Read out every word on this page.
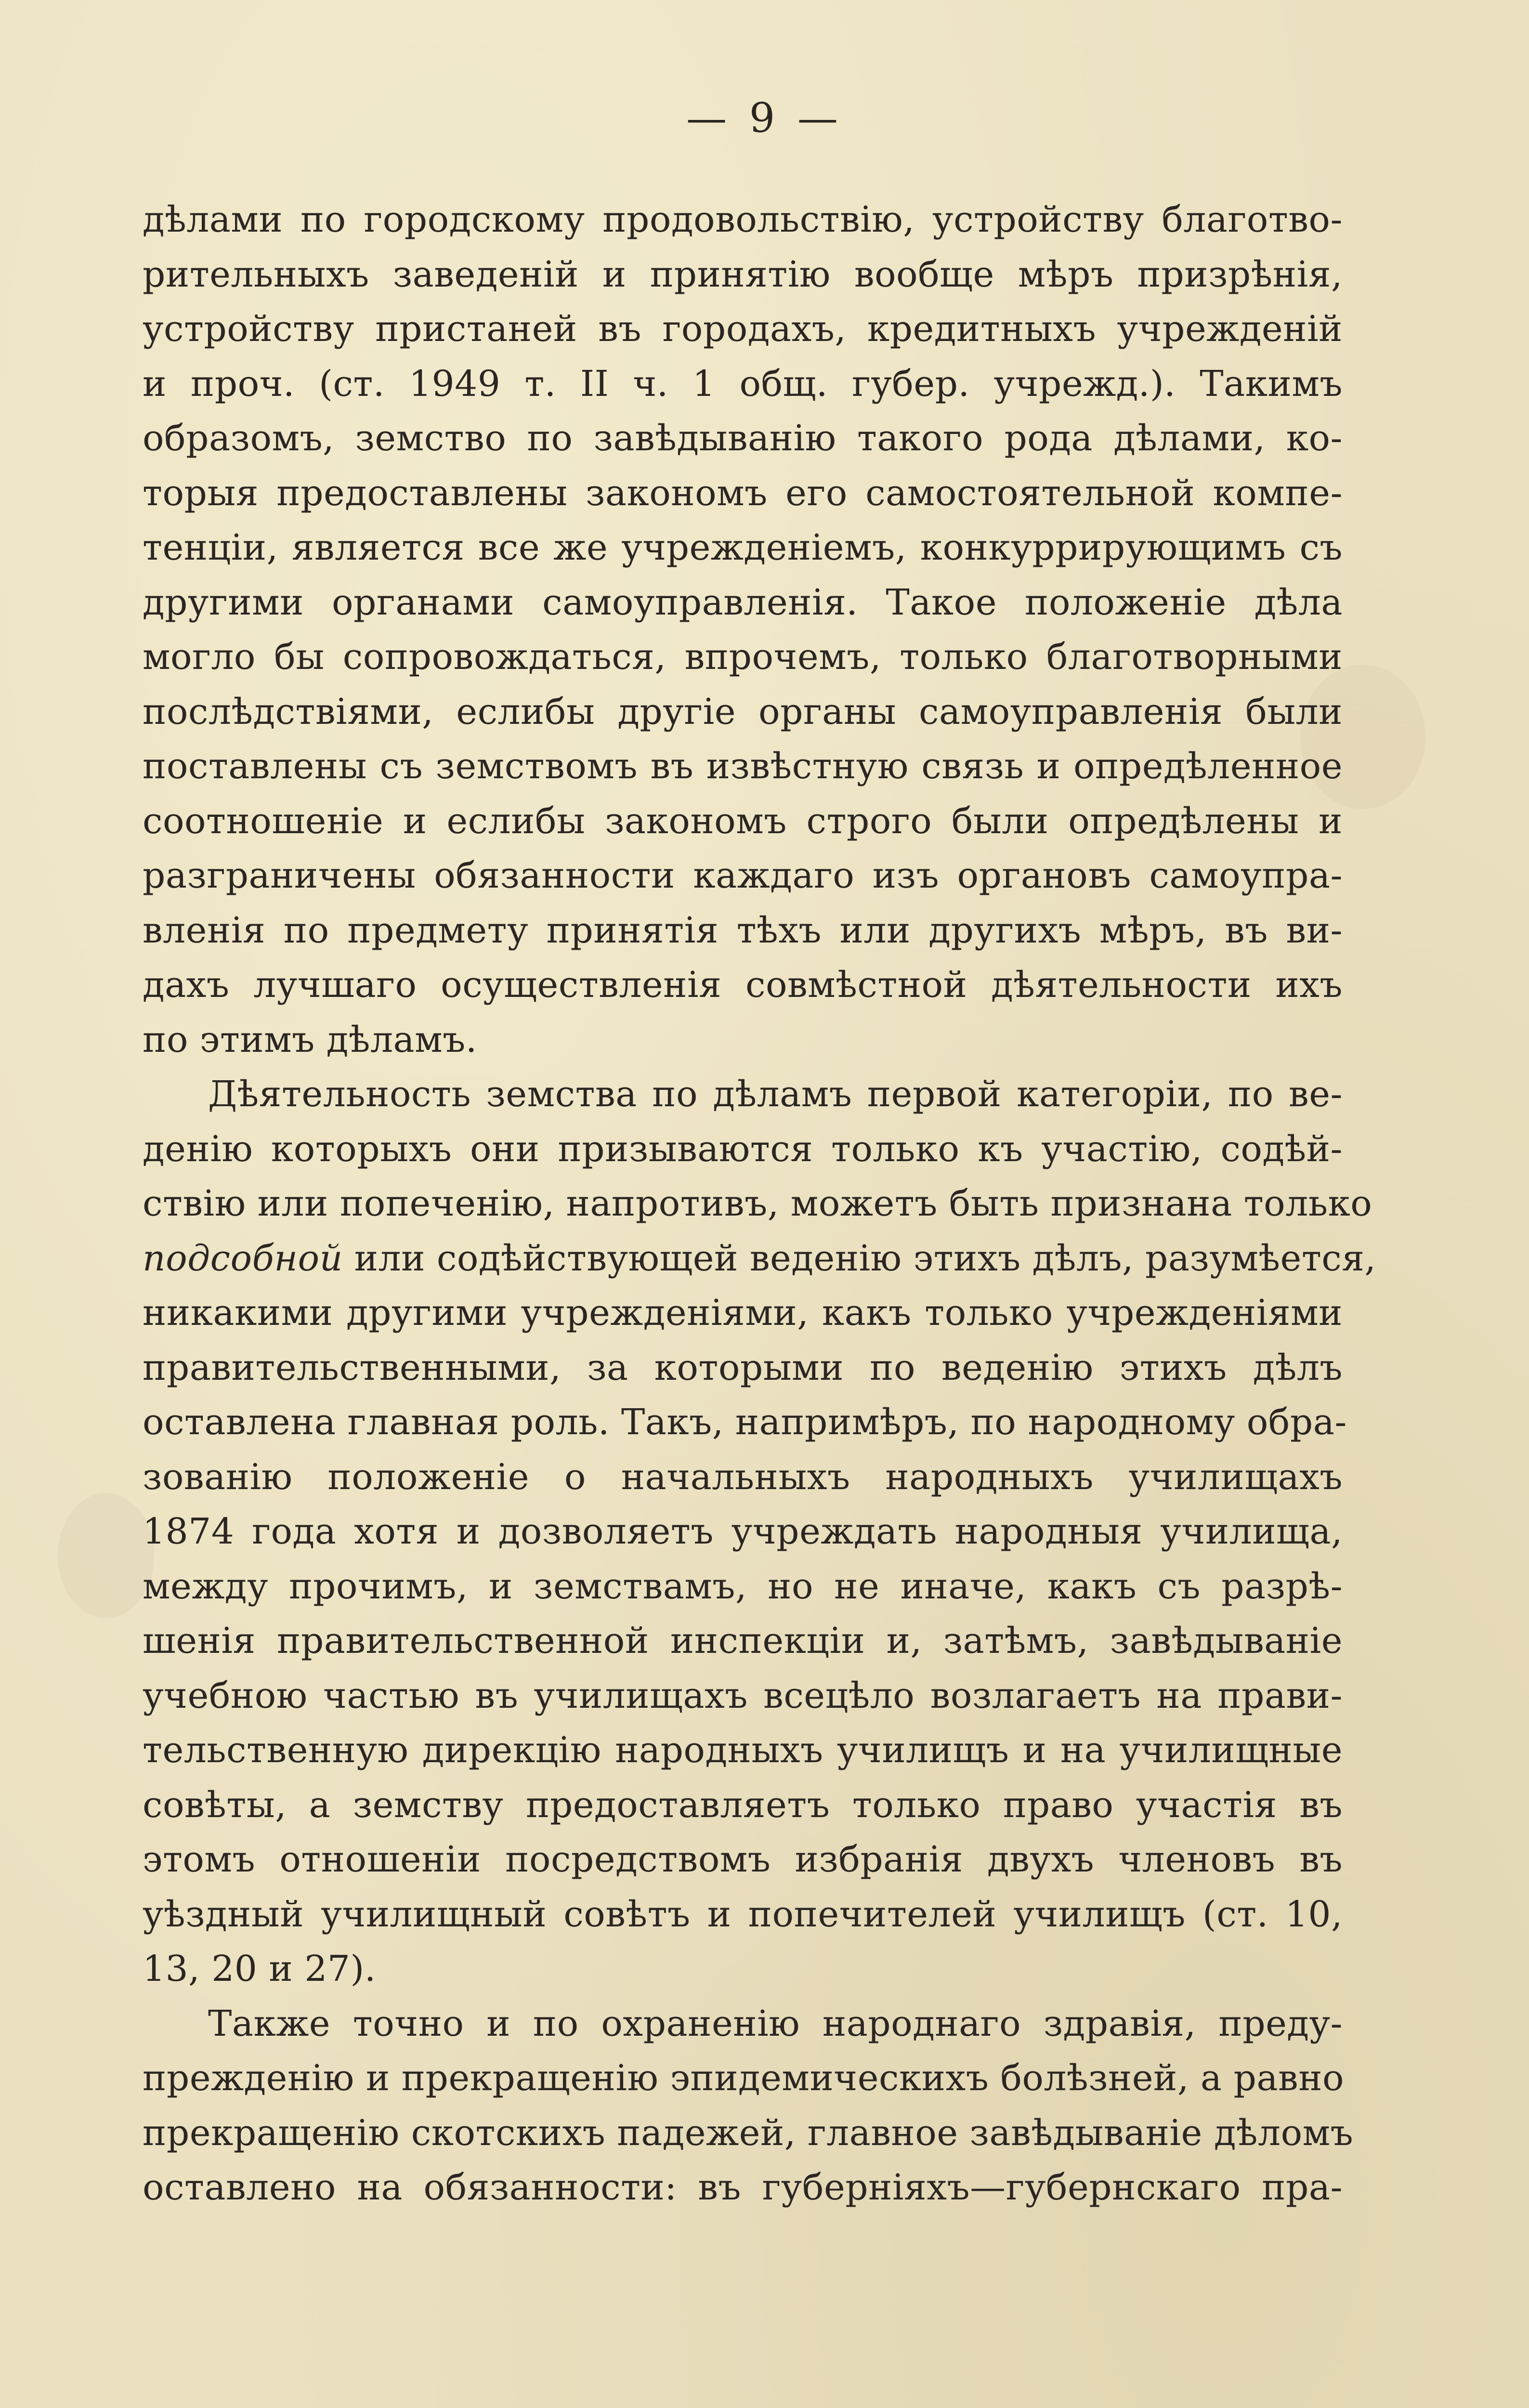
— 9 —
дѣлами по городскому продовольствію, устройству благотво-
рительныхъ заведеній и принятію вообще мѣръ призрѣнія,
устройству пристаней въ городахъ, кредитныхъ учрежденій
и проч. (ст. 1949 т. II ч. 1 общ. губер. учрежд.). Такимъ
образомъ, земство по завѣдыванію такого рода дѣлами, ко-
торыя предоставлены закономъ его самостоятельной компе-
тенціи, является все же учрежденіемъ, конкуррирующимъ съ
другими органами самоуправленія. Такое положеніе дѣла
могло бы сопровождаться, впрочемъ, только благотворными
послѣдствіями, еслибы другіе органы самоуправленія были
поставлены съ земствомъ въ извѣстную связь и опредѣленное
соотношеніе и еслибы закономъ строго были опредѣлены и
разграничены обязанности каждаго изъ органовъ самоупра-
вленія по предмету принятія тѣхъ или другихъ мѣръ, въ ви-
дахъ лучшаго осуществленія совмѣстной дѣятельности ихъ
по этимъ дѣламъ.
Дѣятельность земства по дѣламъ первой категоріи, по ве-
денію которыхъ они призываются только къ участію, содѣй-
ствію или попеченію, напротивъ, можетъ быть признана только
подсобной или содѣйствующей веденію этихъ дѣлъ, разумѣется,
никакими другими учрежденіями, какъ только учрежденіями
правительственными, за которыми по веденію этихъ дѣлъ
оставлена главная роль. Такъ, напримѣръ, по народному обра-
зованію положеніе о начальныхъ народныхъ училищахъ
1874 года хотя и дозволяетъ учреждать народныя училища,
между прочимъ, и земствамъ, но не иначе, какъ съ разрѣ-
шенія правительственной инспекціи и, затѣмъ, завѣдываніе
учебною частью въ училищахъ всецѣло возлагаетъ на прави-
тельственную дирекцію народныхъ училищъ и на училищные
совѣты, а земству предоставляетъ только право участія въ
этомъ отношеніи посредствомъ избранія двухъ членовъ въ
уѣздный училищный совѣтъ и попечителей училищъ (ст. 10,
13, 20 и 27).
Также точно и по охраненію народнаго здравія, преду-
прежденію и прекращенію эпидемическихъ болѣзней, а равно
прекращенію скотскихъ падежей, главное завѣдываніе дѣломъ
оставлено на обязанности: въ губерніяхъ—губернскаго пра-
